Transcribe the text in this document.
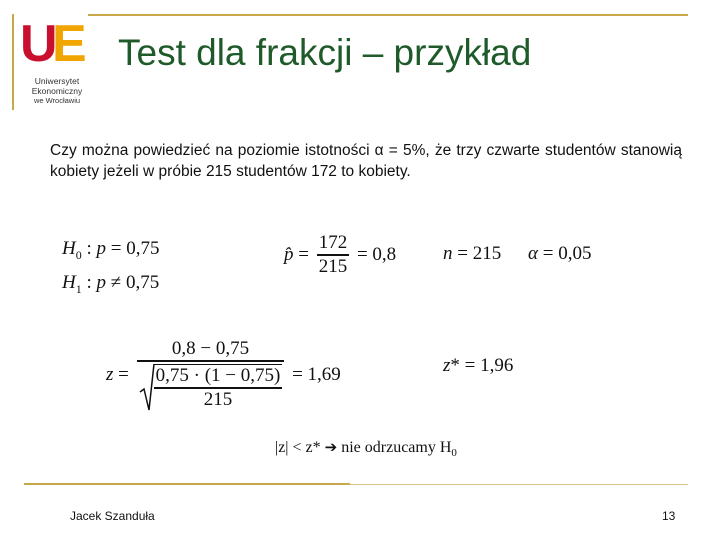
U
E
Uniwersytet
Ekonomiczny
we Wrocławiu
Test dla frakcji – przykład
Czy można powiedzieć na poziomie istotności α = 5%, że trzy czwarte studentów stanowią kobiety jeżeli w próbie 215 studentów 172 to kobiety.
$H_0$ : p = 0,75
$H_1$ : p ≠ 0,75
p̂ = $\frac{172}{215} = 0,8$ n = 215 α = 0,05
$z = \frac{0,8 - 0,75}{\frac{0,75 \cdot (1 - 0,75)}{215}} = 1,69$	z* = 1,96
|z| < z* ➔ nie odrzucamy $H_0$
Jacek Szanduła	13
